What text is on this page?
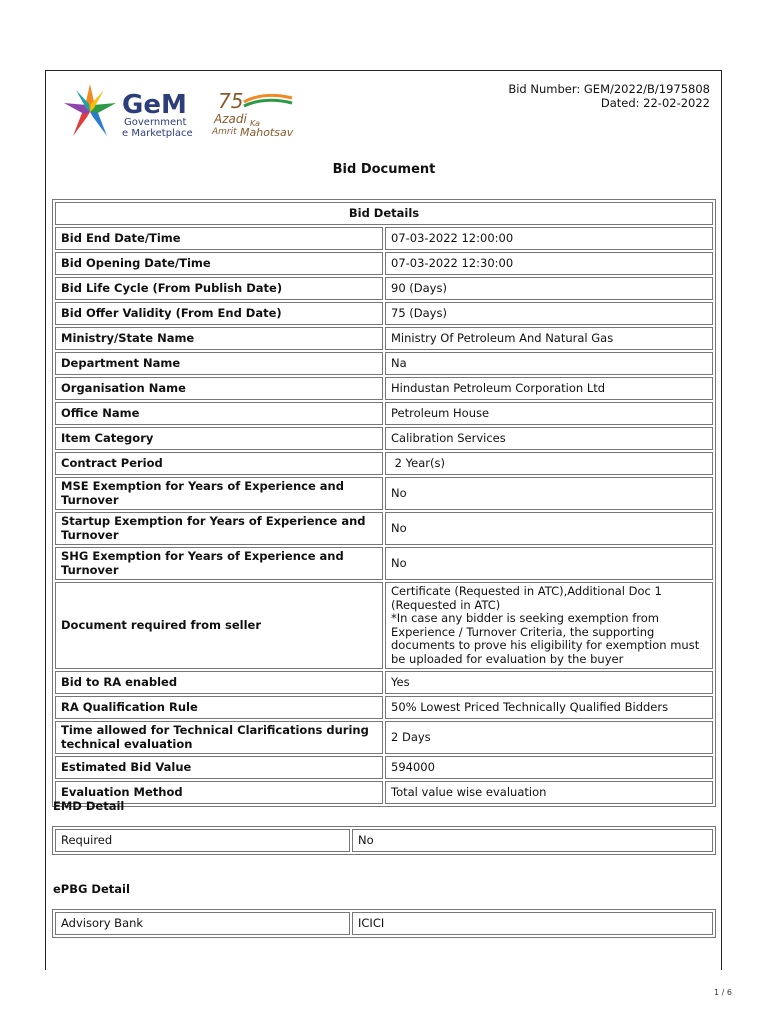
GeM
Government
e Marketplace
75
Azadi Ka
Amrit Mahotsav
Bid Number: GEM/2022/B/1975808
Dated: 22-02-2022
Bid Document
Bid Details	
Bid End Date/Time	07-03-2022 12:00:00
Bid Opening Date/Time	07-03-2022 12:30:00
Bid Life Cycle (From Publish Date)	90 (Days)
Bid Offer Validity (From End Date)	75 (Days)
Ministry/State Name	Ministry Of Petroleum And Natural Gas
Department Name	Na
Organisation Name	Hindustan Petroleum Corporation Ltd
Office Name	Petroleum House
Item Category	Calibration Services
Contract Period	2 Year(s)
MSE Exemption for Years of Experience and Turnover	No
Startup Exemption for Years of Experience and Turnover	No
SHG Exemption for Years of Experience and Turnover	No
Document required from seller	Certificate (Requested in ATC),Additional Doc 1 (Requested in ATC)
*In case any bidder is seeking exemption from Experience / Turnover Criteria, the supporting documents to prove his eligibility for exemption must be uploaded for evaluation by the buyer

Bid to RA enabled	Yes
RA Qualification Rule	50% Lowest Priced Technically Qualified Bidders
Time allowed for Technical Clarifications during technical evaluation	2 Days
Estimated Bid Value	594000
Evaluation Method	Total value wise evaluation
EMD Detail
Required	No
ePBG Detail
Advisory Bank	ICICI
1 / 6
